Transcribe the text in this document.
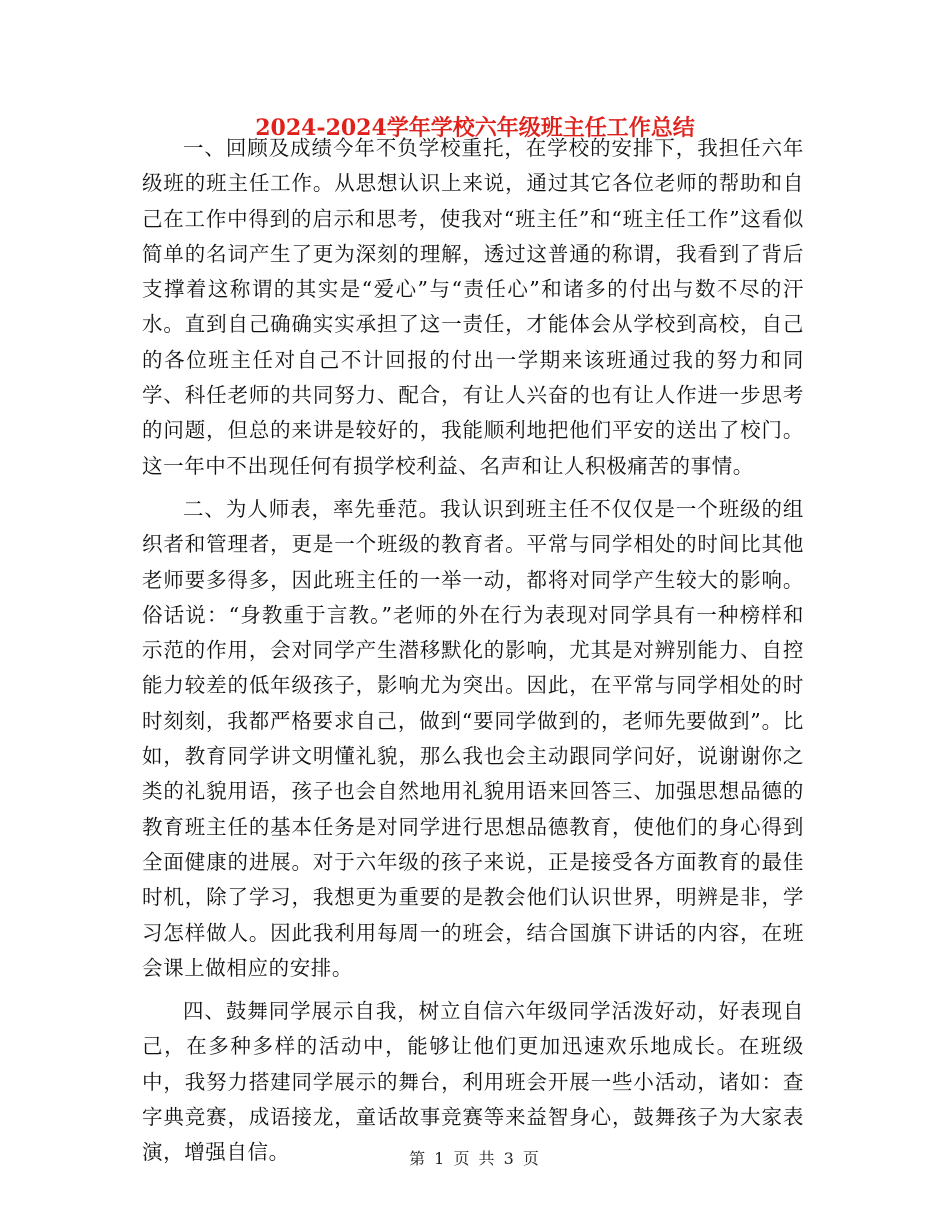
2024-2024学年学校六年级班主任工作总结

一、回顾及成绩今年不负学校重托，在学校的安排下，我担任六年级班的班主任工作。从思想认识上来说，通过其它各位老师的帮助和自己在工作中得到的启示和思考，使我对“班主任”和“班主任工作”这看似简单的名词产生了更为深刻的理解，透过这普通的称谓，我看到了背后支撑着这称谓的其实是“爱心”与“责任心”和诸多的付出与数不尽的汗水。直到自己确确实实承担了这一责任，才能体会从学校到高校，自己的各位班主任对自己不计回报的付出一学期来该班通过我的努力和同学、科任老师的共同努力、配合，有让人兴奋的也有让人作进一步思考的问题，但总的来讲是较好的，我能顺利地把他们平安的送出了校门。这一年中不出现任何有损学校利益、名声和让人积极痛苦的事情。

二、为人师表，率先垂范。我认识到班主任不仅仅是一个班级的组织者和管理者，更是一个班级的教育者。平常与同学相处的时间比其他老师要多得多，因此班主任的一举一动，都将对同学产生较大的影响。俗话说：“身教重于言教。”老师的外在行为表现对同学具有一种榜样和示范的作用，会对同学产生潜移默化的影响，尤其是对辨别能力、自控能力较差的低年级孩子，影响尤为突出。因此，在平常与同学相处的时时刻刻，我都严格要求自己，做到“要同学做到的，老师先要做到”。比如，教育同学讲文明懂礼貌，那么我也会主动跟同学问好，说谢谢你之类的礼貌用语，孩子也会自然地用礼貌用语来回答三、加强思想品德的教育班主任的基本任务是对同学进行思想品德教育，使他们的身心得到全面健康的进展。对于六年级的孩子来说，正是接受各方面教育的最佳时机，除了学习，我想更为重要的是教会他们认识世界，明辨是非，学习怎样做人。因此我利用每周一的班会，结合国旗下讲话的内容，在班会课上做相应的安排。

四、鼓舞同学展示自我，树立自信六年级同学活泼好动，好表现自己，在多种多样的活动中，能够让他们更加迅速欢乐地成长。在班级中，我努力搭建同学展示的舞台，利用班会开展一些小活动，诸如：查字典竞赛，成语接龙，童话故事竞赛等来益智身心，鼓舞孩子为大家表演，增强自信。	第 1 页 共 3 页
